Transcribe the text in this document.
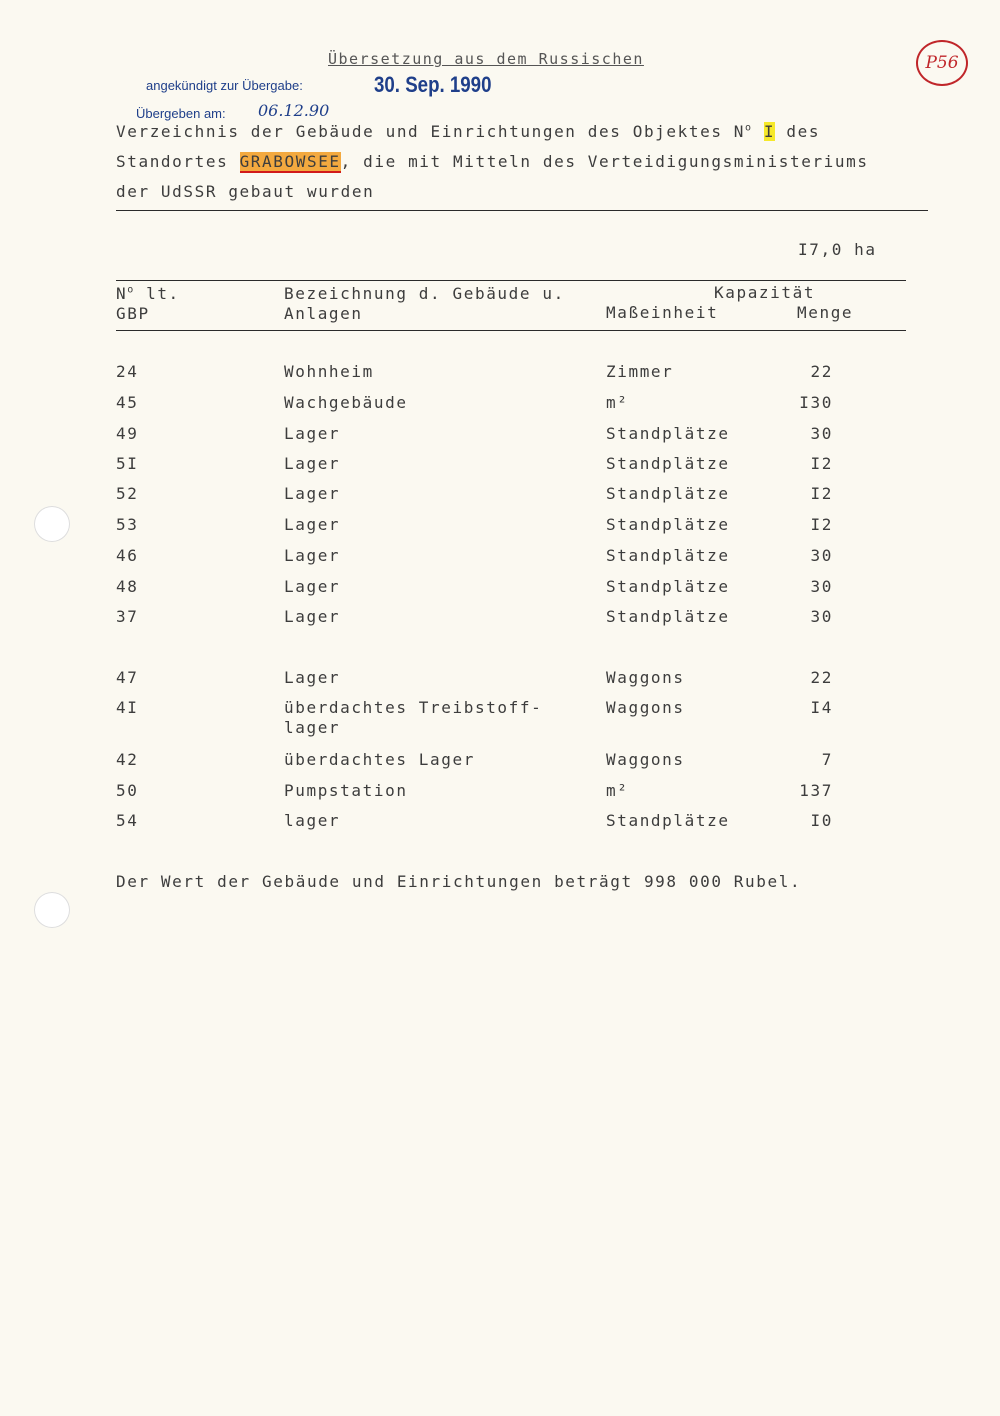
P56
Übersetzung aus dem Russischen
angekündigt zur Übergabe:	30. Sep. 1990
Übergeben am: 06.12.90
Verzeichnis der Gebäude und Einrichtungen des Objektes $N^o$ I des
Standortes GRABOWSEE, die mit Mitteln des Verteidigungsministeriums
der UdSSR gebaut wurden
I7,0 ha
$N^o$ lt.
GBP
Bezeichnung d. Gebäude u.
Anlagen
Kapazität
Maßeinheit	Menge
24	Wohnheim	Zimmer	22
45	Wachgebäude	m²	I30
49	Lager	Standplätze	30
5I	Lager	Standplätze	I2
52	Lager	Standplätze	I2
53	Lager	Standplätze	I2
46	Lager	Standplätze	30
48	Lager	Standplätze	30
37	Lager	Standplätze	30
47	Lager	Waggons	22
4I	überdachtes Treibstoff-	Waggons	I4
lager
42	überdachtes Lager	Waggons	7
50	Pumpstation	m²	137
54	lager	Standplätze	I0
Der Wert der Gebäude und Einrichtungen beträgt 998 000 Rubel.
